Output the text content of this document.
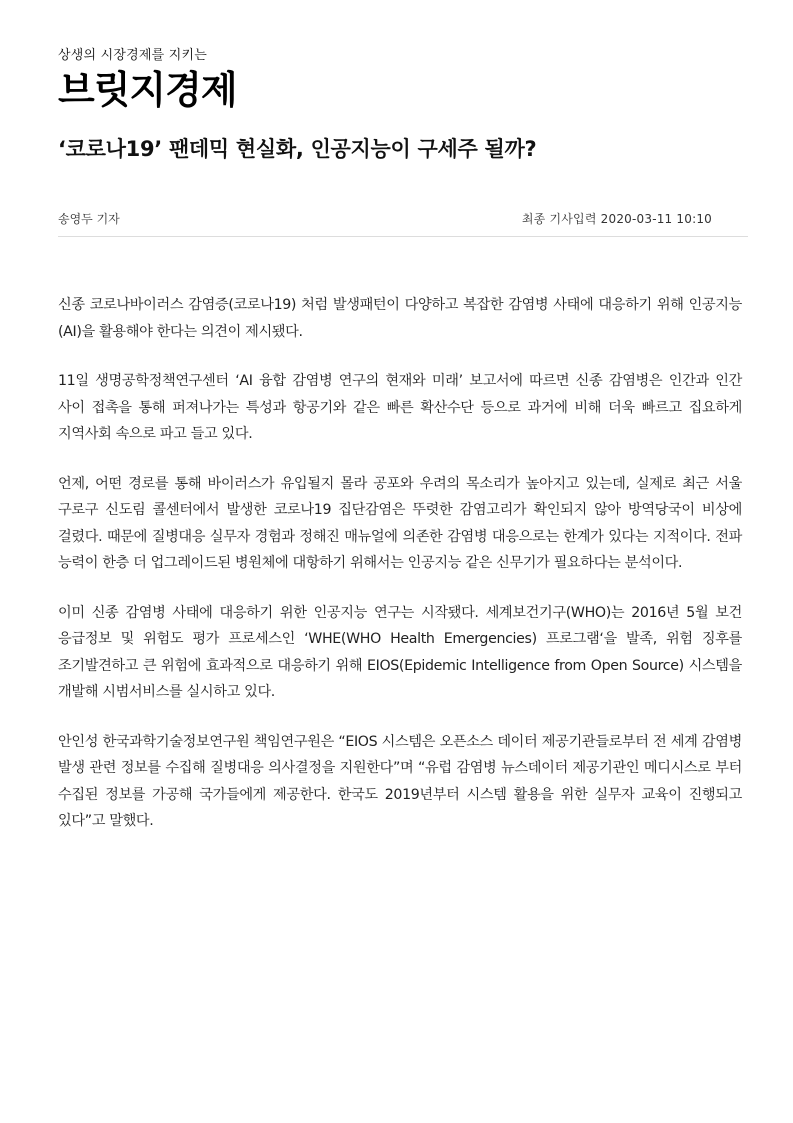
상생의 시장경제를 지키는

브릿지경제
‘코로나19’ 팬데믹 현실화, 인공지능이 구세주 될까?
송영두 기자	최종 기사입력 2020-03-11 10:10

신종 코로나바이러스 감염증(코로나19) 처럼 발생패턴이 다양하고 복잡한 감염병 사태에 대응하기 위해 인공지능(AI)을 활용해야 한다는 의견이 제시됐다.

11일 생명공학정책연구센터 ‘AI 융합 감염병 연구의 현재와 미래’ 보고서에 따르면 신종 감염병은 인간과 인간 사이 접촉을 통해 퍼져나가는 특성과 항공기와 같은 빠른 확산수단 등으로 과거에 비해 더욱 빠르고 집요하게 지역사회 속으로 파고 들고 있다.

언제, 어떤 경로를 통해 바이러스가 유입될지 몰라 공포와 우려의 목소리가 높아지고 있는데, 실제로 최근 서울 구로구 신도림 콜센터에서 발생한 코로나19 집단감염은 뚜렷한 감염고리가 확인되지 않아 방역당국이 비상에 걸렸다. 때문에 질병대응 실무자 경험과 정해진 매뉴얼에 의존한 감염병 대응으로는 한계가 있다는 지적이다. 전파 능력이 한층 더 업그레이드된 병원체에 대항하기 위해서는 인공지능 같은 신무기가 필요하다는 분석이다.

이미 신종 감염병 사태에 대응하기 위한 인공지능 연구는 시작됐다. 세계보건기구(WHO)는 2016년 5월 보건 응급정보 및 위험도 평가 프로세스인 ‘WHE(WHO Health Emergencies) 프로그램‘을 발족, 위험 징후를 조기발견하고 큰 위험에 효과적으로 대응하기 위해 EIOS(Epidemic Intelligence from Open Source) 시스템을 개발해 시범서비스를 실시하고 있다.

안인성 한국과학기술정보연구원 책임연구원은 “EIOS 시스템은 오픈소스 데이터 제공기관들로부터 전 세계 감염병 발생 관련 정보를 수집해 질병대응 의사결정을 지원한다”며 “유럽 감염병 뉴스데이터 제공기관인 메디시스로 부터 수집된 정보를 가공해 국가들에게 제공한다. 한국도 2019년부터 시스템 활용을 위한 실무자 교육이 진행되고 있다”고 말했다.
